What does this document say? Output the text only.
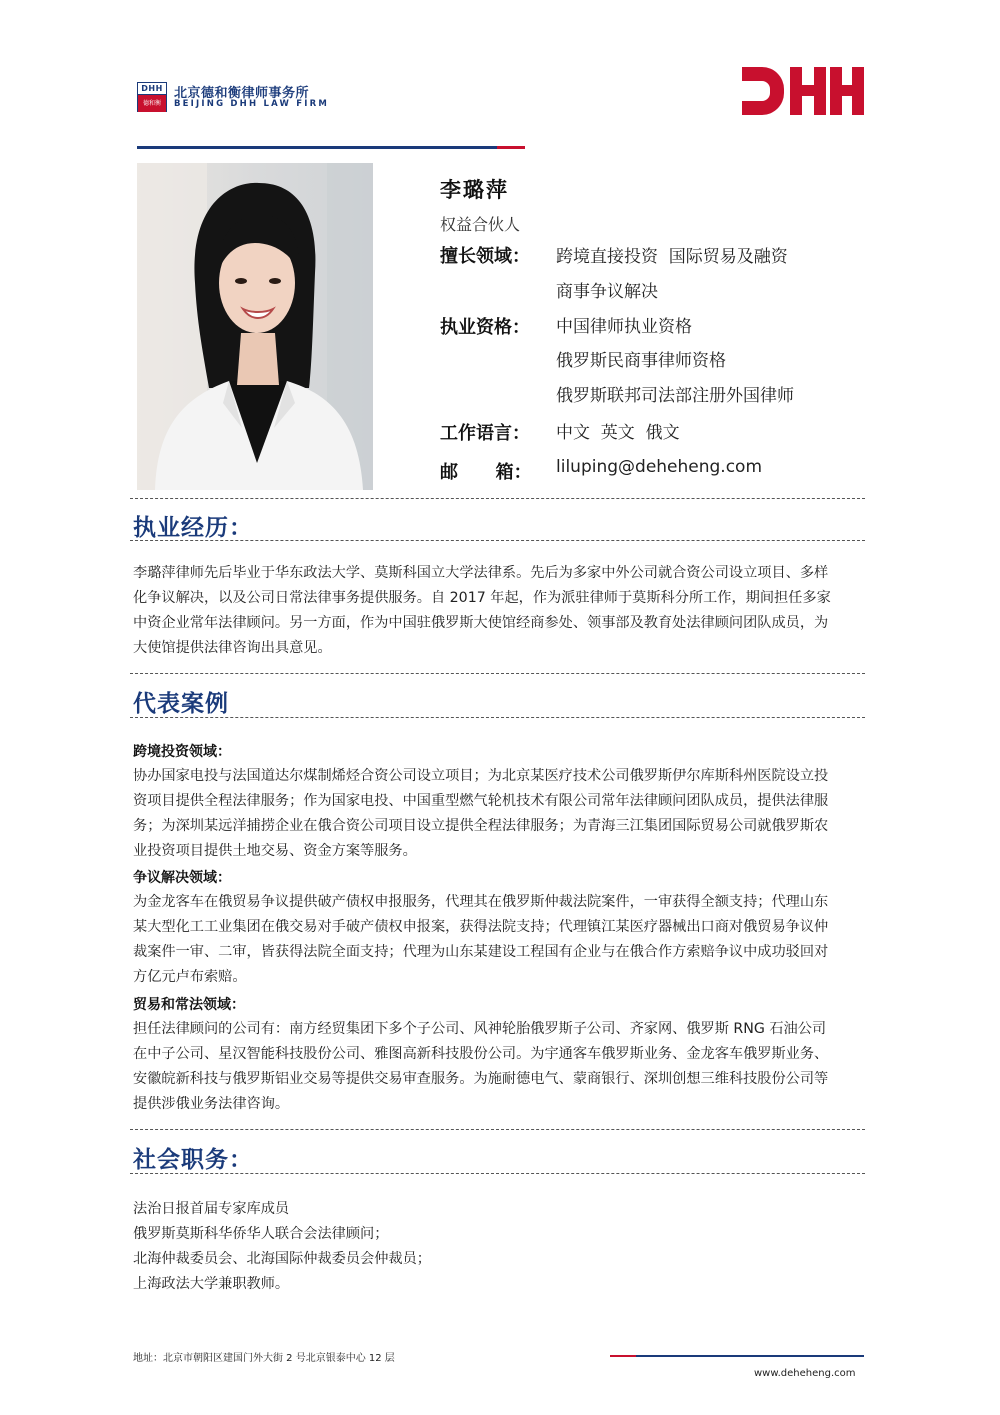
DHH
德和衡
北京德和衡律师事务所
BEIJING DHH LAW FIRM
李璐萍
权益合伙人
擅长领域： 跨境直接投资  国际贸易及融资
商事争议解决
执业资格： 中国律师执业资格
俄罗斯民商事律师资格
俄罗斯联邦司法部注册外国律师
工作语言： 中文  英文  俄文
邮      箱： liluping@deheheng.com
执业经历：
李璐萍律师先后毕业于华东政法大学、莫斯科国立大学法律系。先后为多家中外公司就合资公司设立项目、多样
化争议解决，以及公司日常法律事务提供服务。自 2017 年起，作为派驻律师于莫斯科分所工作，期间担任多家
中资企业常年法律顾问。另一方面，作为中国驻俄罗斯大使馆经商参处、领事部及教育处法律顾问团队成员，为
大使馆提供法律咨询出具意见。
代表案例
跨境投资领域：
协办国家电投与法国道达尔煤制烯烃合资公司设立项目；为北京某医疗技术公司俄罗斯伊尔库斯科州医院设立投
资项目提供全程法律服务；作为国家电投、中国重型燃气轮机技术有限公司常年法律顾问团队成员，提供法律服
务；为深圳某远洋捕捞企业在俄合资公司项目设立提供全程法律服务；为青海三江集团国际贸易公司就俄罗斯农
业投资项目提供土地交易、资金方案等服务。
争议解决领域：
为金龙客车在俄贸易争议提供破产债权申报服务，代理其在俄罗斯仲裁法院案件，一审获得全额支持；代理山东
某大型化工工业集团在俄交易对手破产债权申报案，获得法院支持；代理镇江某医疗器械出口商对俄贸易争议仲
裁案件一审、二审，皆获得法院全面支持；代理为山东某建设工程国有企业与在俄合作方索赔争议中成功驳回对
方亿元卢布索赔。
贸易和常法领域：
担任法律顾问的公司有：南方经贸集团下多个子公司、风神轮胎俄罗斯子公司、齐家网、俄罗斯 RNG 石油公司
在中子公司、星汉智能科技股份公司、雅图高新科技股份公司。为宇通客车俄罗斯业务、金龙客车俄罗斯业务、
安徽皖新科技与俄罗斯铝业交易等提供交易审查服务。为施耐德电气、蒙商银行、深圳创想三维科技股份公司等
提供涉俄业务法律咨询。
社会职务：
法治日报首届专家库成员
俄罗斯莫斯科华侨华人联合会法律顾问；
北海仲裁委员会、北海国际仲裁委员会仲裁员；
上海政法大学兼职教师。
地址：北京市朝阳区建国门外大街 2 号北京银泰中心 12 层
www.deheheng.com
